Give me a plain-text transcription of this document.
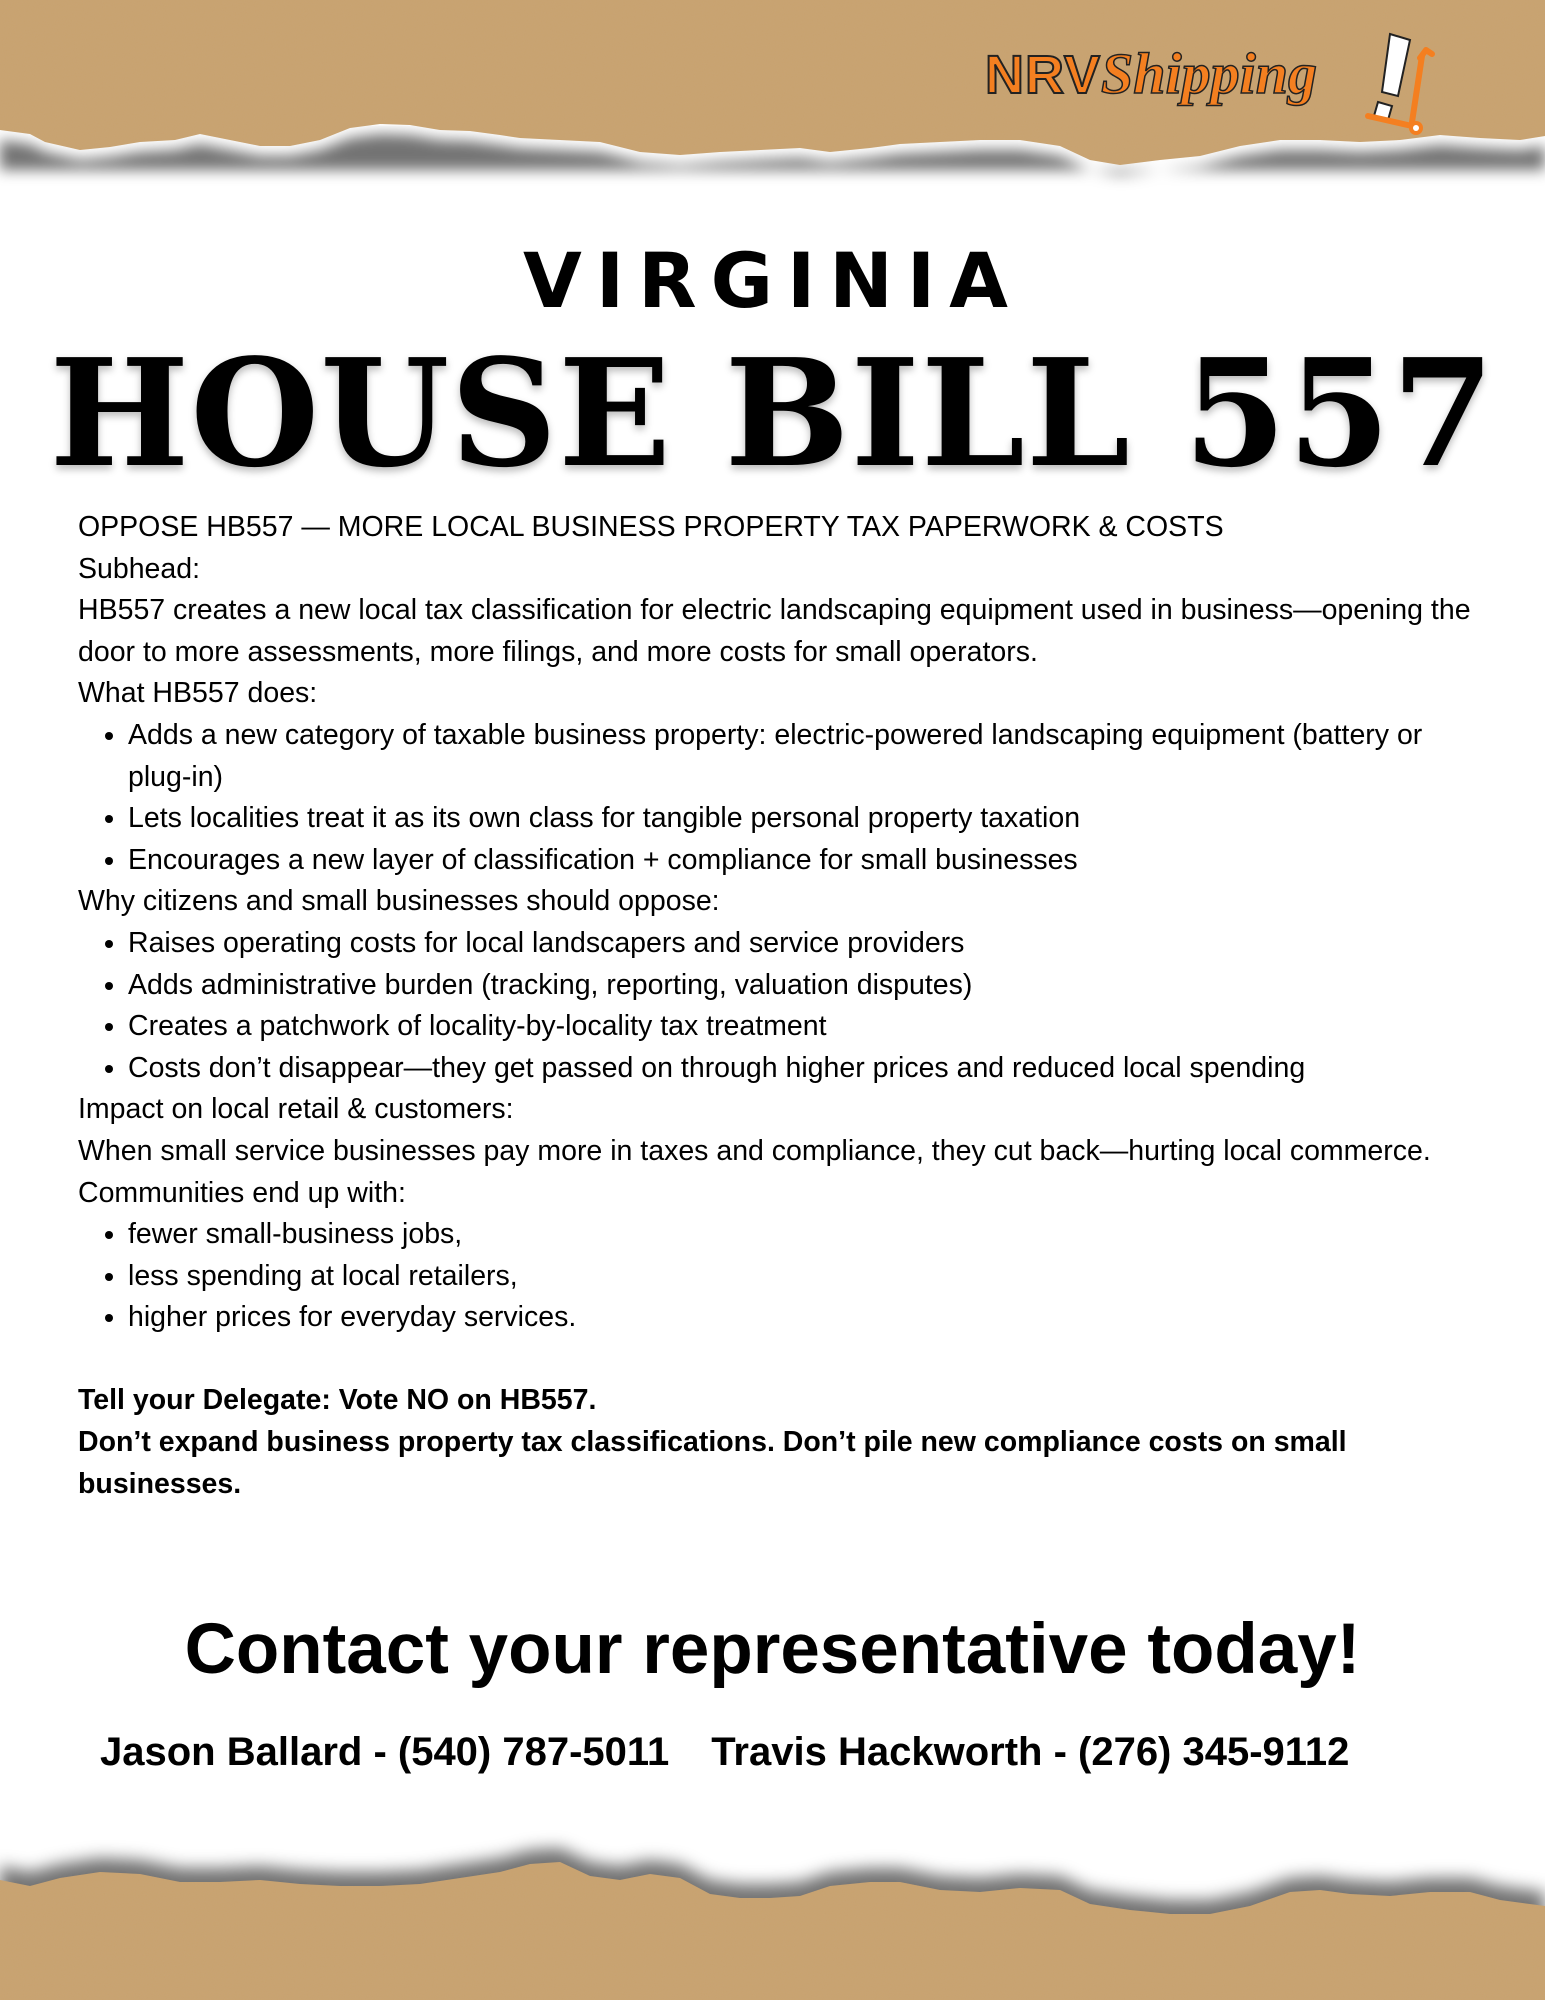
NRVShipping
VIRGINIA
HOUSE BILL 557

OPPOSE HB557 — MORE LOCAL BUSINESS PROPERTY TAX PAPERWORK & COSTS

Subhead:

HB557 creates a new local tax classification for electric landscaping equipment used in business—opening the door to more assessments, more filings, and more costs for small operators.

What HB557 does:

• Adds a new category of taxable business property: electric-powered landscaping equipment (battery or plug-in)
• Lets localities treat it as its own class for tangible personal property taxation
• Encourages a new layer of classification + compliance for small businesses

Why citizens and small businesses should oppose:

• Raises operating costs for local landscapers and service providers
• Adds administrative burden (tracking, reporting, valuation disputes)
• Creates a patchwork of locality-by-locality tax treatment
• Costs don’t disappear—they get passed on through higher prices and reduced local spending

Impact on local retail & customers:

When small service businesses pay more in taxes and compliance, they cut back—hurting local commerce. Communities end up with:

• fewer small-business jobs,
• less spending at local retailers,
• higher prices for everyday services.

Tell your Delegate: Vote NO on HB557.

Don’t expand business property tax classifications. Don’t pile new compliance costs on small businesses.

Contact your representative today!
Jason Ballard - (540) 787-5011 Travis Hackworth - (276) 345-9112
